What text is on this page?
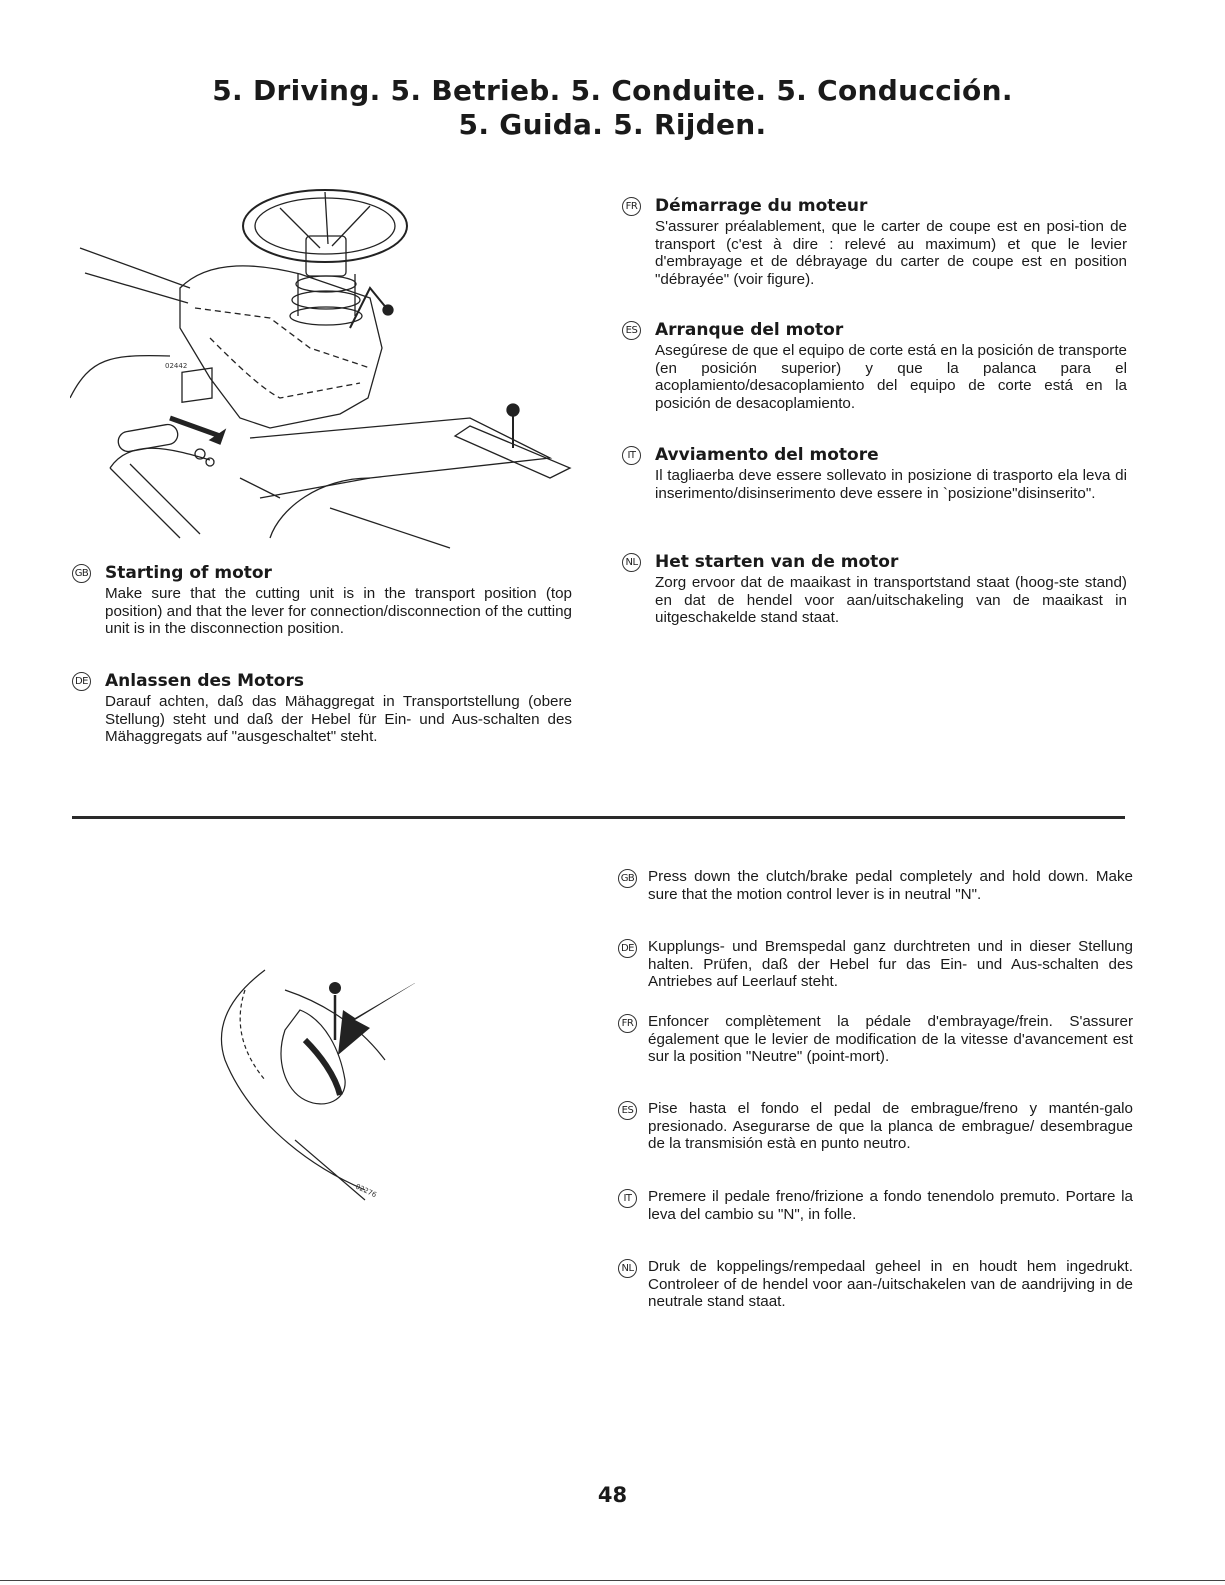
5. Driving. 5. Betrieb. 5. Conduite. 5. Conducción.
5. Guida. 5. Rijden.
02442
GB Starting of motor
Make sure that the cutting unit is in the transport position (top position) and that the lever for connection/disconnection of the cutting unit is in the disconnection position.
DE Anlassen des Motors
Darauf achten, daß das Mähaggregat in Transportstellung (obere Stellung) steht und daß der Hebel für Ein- und Aus-schalten des Mähaggregats auf "ausgeschaltet" steht.
FR Démarrage du moteur
S'assurer préalablement, que le carter de coupe est en posi-tion de transport (c'est à dire : relevé au maximum) et que le levier d'embrayage et de débrayage du carter de coupe est en position "débrayée" (voir figure).
ES Arranque del motor
Asegúrese de que el equipo de corte está en la posición de transporte (en posición superior) y que la palanca para el acoplamiento/desacoplamiento del equipo de corte está en la posición de desacoplamiento.
IT	Avviamento del motore
Il tagliaerba deve essere sollevato in posizione di trasporto ela leva di inserimento/disinserimento deve essere in `posizione"disinserito".
NL Het starten van de motor
Zorg ervoor dat de maaikast in transportstand staat (hoog-ste stand) en dat de hendel voor aan/uitschakeling van de maaikast in uitgeschakelde stand staat.
02276
GB Press down the clutch/brake pedal completely and hold down. Make sure that the motion control lever is in neutral "N".
DE Kupplungs- und Bremspedal ganz durchtreten und in dieser Stellung halten. Prüfen, daß der Hebel fur das Ein- und Aus-schalten des Antriebes auf Leerlauf steht.
FR Enfoncer complètement la pédale d'embrayage/frein. S'assurer également que le levier de modification de la vitesse d'avancement est sur la position "Neutre" (point-mort).
ES Pise hasta el fondo el pedal de embrague/freno y mantén-galo presionado. Asegurarse de que la planca de embrague/ desembrague de la transmisión està en punto neutro.
IT	Premere il pedale freno/frizione a fondo tenendolo premuto. Portare la leva del cambio su "N", in folle.
NL Druk de koppelings/rempedaal geheel in en houdt hem ingedrukt. Controleer of de hendel voor aan-/uitschakelen van de aandrijving in de neutrale stand staat.
48
